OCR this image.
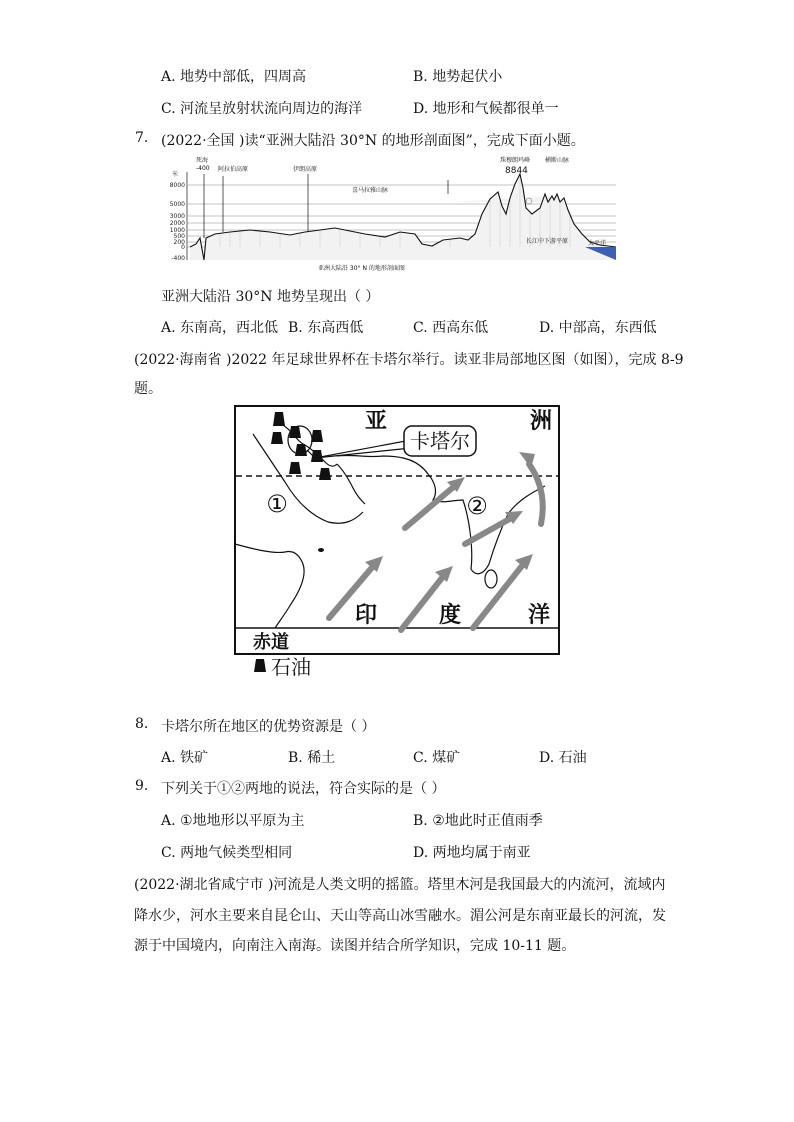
A. 地势中部低，四周高	B. 地势起伏小
C. 河流呈放射状流向周边的海洋	D. 地形和气候都很单一
7. (2022·全国 )读“亚洲大陆沿 30°N 的地形剖面图”，完成下面小题。
米
8000
5000
3000
2000
1000
500
200
0
-400
死海
-400 阿拉伯高原	伊朗高原
喜马拉雅山脉
珠穆朗玛峰
8844
横断山脉
长江中下游平原	太平洋
亚洲大陆沿 30° N 的地形剖面图
亚洲大陆沿 30°N 地势呈现出（ ）
A. 东南高，西北低 B. 东高西低	C. 西高东低	D. 中部高，东西低
(2022·海南省 )2022 年足球世界杯在卡塔尔举行。读亚非局部地区图（如图），完成 8-9
题。
卡塔尔
亚	洲
①	②
印	度	洋
赤道
石油
8. 卡塔尔所在地区的优势资源是（ ）
A. 铁矿	B. 稀土	C. 煤矿	D. 石油
9. 下列关于①②两地的说法，符合实际的是（ ）
A. ①地地形以平原为主	B. ②地此时正值雨季
C. 两地气候类型相同	D. 两地均属于南亚
(2022·湖北省咸宁市 )河流是人类文明的摇篮。塔里木河是我国最大的内流河，流域内
降水少，河水主要来自昆仑山、天山等高山冰雪融水。湄公河是东南亚最长的河流，发
源于中国境内，向南注入南海。读图并结合所学知识，完成 10-11 题。
